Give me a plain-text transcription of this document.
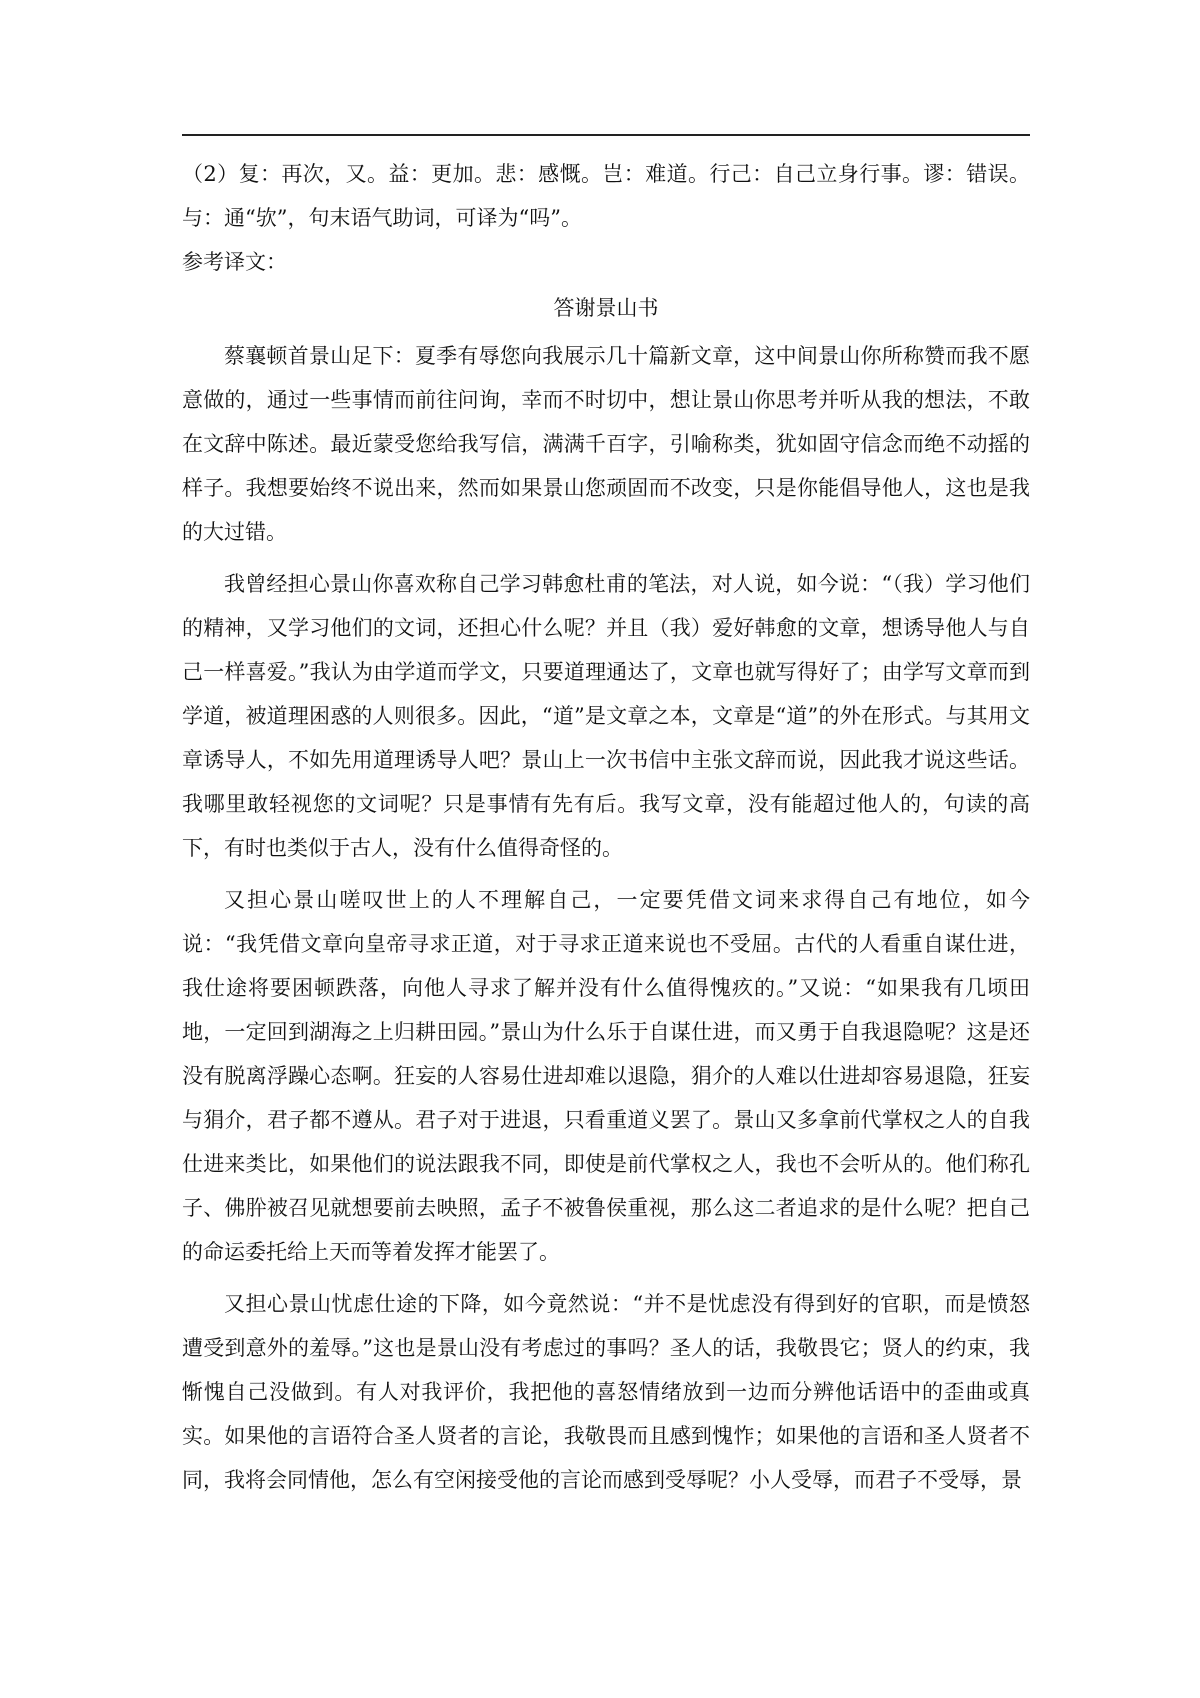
（2）复：再次，又。益：更加。悲：感慨。岂：难道。行己：自己立身行事。谬：错误。与：通“欤”，句末语气助词，可译为“吗”。

参考译文：

答谢景山书

蔡襄顿首景山足下：夏季有辱您向我展示几十篇新文章，这中间景山你所称赞而我不愿意做的，通过一些事情而前往问询，幸而不时切中，想让景山你思考并听从我的想法，不敢在文辞中陈述。最近蒙受您给我写信，满满千百字，引喻称类，犹如固守信念而绝不动摇的样子。我想要始终不说出来，然而如果景山您顽固而不改变，只是你能倡导他人，这也是我的大过错。

我曾经担心景山你喜欢称自己学习韩愈杜甫的笔法，对人说，如今说：“（我）学习他们的精神，又学习他们的文词，还担心什么呢？并且（我）爱好韩愈的文章，想诱导他人与自己一样喜爱。”我认为由学道而学文，只要道理通达了，文章也就写得好了；由学写文章而到学道，被道理困惑的人则很多。因此，“道”是文章之本，文章是“道”的外在形式。与其用文章诱导人，不如先用道理诱导人吧？景山上一次书信中主张文辞而说，因此我才说这些话。我哪里敢轻视您的文词呢？只是事情有先有后。我写文章，没有能超过他人的，句读的高下，有时也类似于古人，没有什么值得奇怪的。

又担心景山嗟叹世上的人不理解自己，一定要凭借文词来求得自己有地位，如今说：“我凭借文章向皇帝寻求正道，对于寻求正道来说也不受屈。古代的人看重自谋仕进，我仕途将要困顿跌落，向他人寻求了解并没有什么值得愧疚的。”又说：“如果我有几顷田地，一定回到湖海之上归耕田园。”景山为什么乐于自谋仕进，而又勇于自我退隐呢？这是还没有脱离浮躁心态啊。狂妄的人容易仕进却难以退隐，狷介的人难以仕进却容易退隐，狂妄与狷介，君子都不遵从。君子对于进退，只看重道义罢了。景山又多拿前代掌权之人的自我仕进来类比，如果他们的说法跟我不同，即使是前代掌权之人，我也不会听从的。他们称孔子、佛肸被召见就想要前去映照，孟子不被鲁侯重视，那么这二者追求的是什么呢？把自己的命运委托给上天而等着发挥才能罢了。

又担心景山忧虑仕途的下降，如今竟然说：“并不是忧虑没有得到好的官职，而是愤怒遭受到意外的羞辱。”这也是景山没有考虑过的事吗？圣人的话，我敬畏它；贤人的约束，我惭愧自己没做到。有人对我评价，我把他的喜怒情绪放到一边而分辨他话语中的歪曲或真实。如果他的言语符合圣人贤者的言论，我敬畏而且感到愧怍；如果他的言语和圣人贤者不同，我将会同情他，怎么有空闲接受他的言论而感到受辱呢？小人受辱，而君子不受辱，景
